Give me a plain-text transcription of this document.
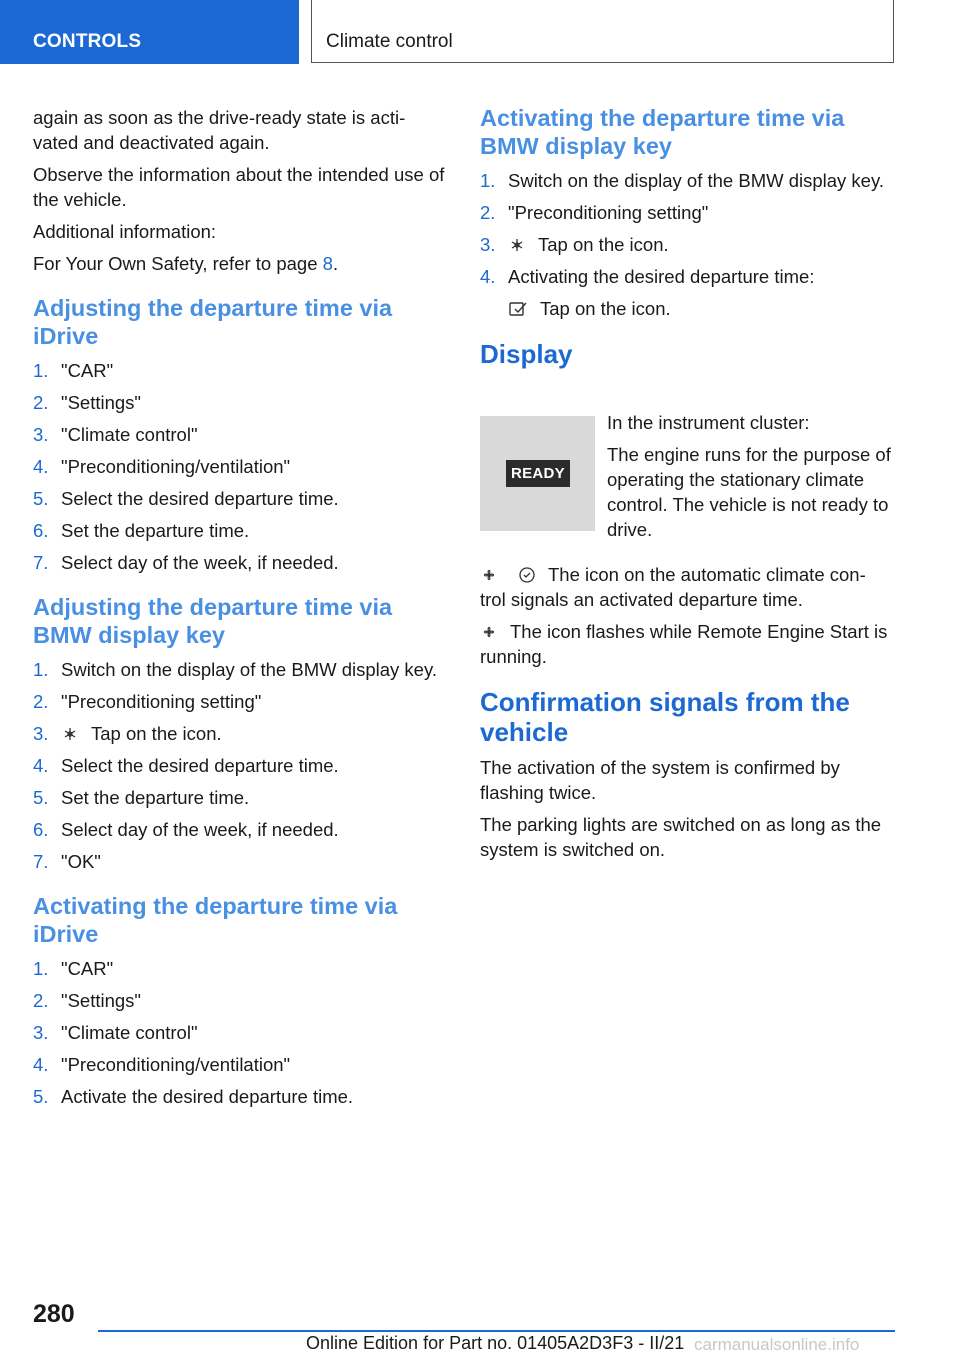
CONTROLS	Climate control

again as soon as the drive-ready state is acti‐ vated and deactivated again.

Observe the information about the intended use of the vehicle.

Additional information:

For Your Own Safety, refer to page 8.

Adjusting the departure time via iDrive
1. "CAR"
2. "Settings"
3. "Climate control"
4. "Preconditioning/ventilation"
5. Select the desired departure time.
6. Set the departure time.
7. Select day of the week, if needed.
Adjusting the departure time via BMW display key
1. Switch on the display of the BMW display key.
2. "Preconditioning setting"
3. Tap on the icon.
4. Select the desired departure time.
5. Set the departure time.
6. Select day of the week, if needed.
7. "OK"
Activating the departure time via iDrive
1. "CAR"
2. "Settings"
3. "Climate control"
4. "Preconditioning/ventilation"
5. Activate the desired departure time.
Activating the departure time via BMW display key
1. Switch on the display of the BMW display key.
2. "Preconditioning setting"
3. Tap on the icon.
4. Activating the desired departure time:
Tap on the icon.
Display
READY

In the instrument cluster:

The engine runs for the purpose of operating the stationary climate control. The vehicle is not ready to drive.

The icon on the automatic climate con‐ trol signals an activated departure time.

The icon flashes while Remote Engine Start is running.

Confirmation signals from the vehicle

The activation of the system is confirmed by flashing twice.

The parking lights are switched on as long as the system is switched on.

280
Online Edition for Part no. 01405A2D3F3 - II/21 carmanualsonline.info
